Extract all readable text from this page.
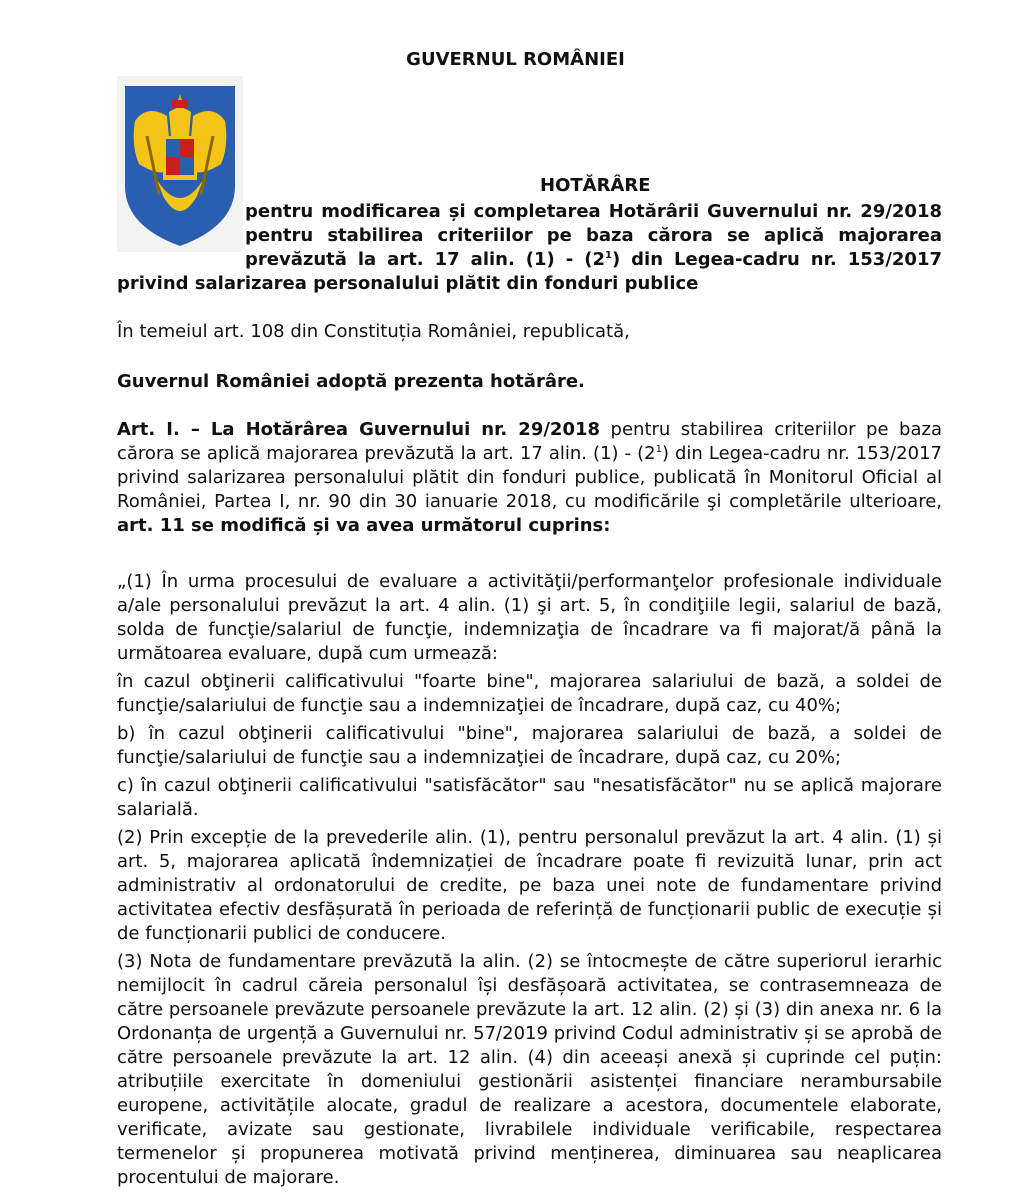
GUVERNUL ROMÂNIEI
HOTĂRÂRE
pentru modificarea și completarea Hotărârii Guvernului nr. 29/2018
pentru stabilirea criteriilor pe baza cărora se aplică majorarea
prevăzută la art. 17 alin. $(1) - (2^1)$ din Legea-cadru nr. 153/2017
privind salarizarea personalului plătit din fonduri publice
În temeiul art. 108 din Constituția României, republicată,
Guvernul României adoptă prezenta hotărâre.

Art. I. – La Hotărârea Guvernului nr. 29/2018 pentru stabilirea criteriilor pe baza cărora se aplică majorarea prevăzută la art. 17 alin. $(1) - (2^1)$ din Legea-cadru nr. 153/2017 privind salarizarea personalului plătit din fonduri publice, publicată în Monitorul Oficial al României, Partea I, nr. 90 din 30 ianuarie 2018, cu modificările şi completările ulterioare, art. 11 se modifică și va avea următorul cuprins:

„(1) În urma procesului de evaluare a activităţii/performanţelor profesionale individuale a/ale personalului prevăzut la art. 4 alin. (1) şi art. 5, în condiţiile legii, salariul de bază, solda de funcţie/salariul de funcţie, indemnizaţia de încadrare va fi majorat/ă până la următoarea evaluare, după cum urmează:

în cazul obţinerii calificativului "foarte bine", majorarea salariului de bază, a soldei de funcţie/salariului de funcţie sau a indemnizaţiei de încadrare, după caz, cu 40%;

b) în cazul obţinerii calificativului "bine", majorarea salariului de bază, a soldei de funcţie/salariului de funcţie sau a indemnizaţiei de încadrare, după caz, cu 20%;

c) în cazul obţinerii calificativului "satisfăcător" sau "nesatisfăcător" nu se aplică majorare salarială.

(2) Prin excepție de la prevederile alin. (1), pentru personalul prevăzut la art. 4 alin. (1) și art. 5, majorarea aplicată îndemnizației de încadrare poate fi revizuită lunar, prin act administrativ al ordonatorului de credite, pe baza unei note de fundamentare privind activitatea efectiv desfășurată în perioada de referință de funcționarii public de execuție și de funcționarii publici de conducere.

(3) Nota de fundamentare prevăzută la alin. (2) se întocmește de către superiorul ierarhic nemijlocit în cadrul căreia personalul își desfășoară activitatea, se contrasemneaza de către persoanele prevăzute persoanele prevăzute la art. 12 alin. (2) și (3) din anexa nr. 6 la Ordonanța de urgență a Guvernului nr. 57/2019 privind Codul administrativ și se aprobă de către persoanele prevăzute la art. 12 alin. (4) din aceeași anexă și cuprinde cel puțin: atribuțiile exercitate în domeniului gestionării asistenței financiare nerambursabile europene, activitățile alocate, gradul de realizare a acestora, documentele elaborate, verificate, avizate sau gestionate, livrabilele individuale verificabile, respectarea termenelor și propunerea motivată privind menținerea, diminuarea sau neaplicarea procentului de majorare.
